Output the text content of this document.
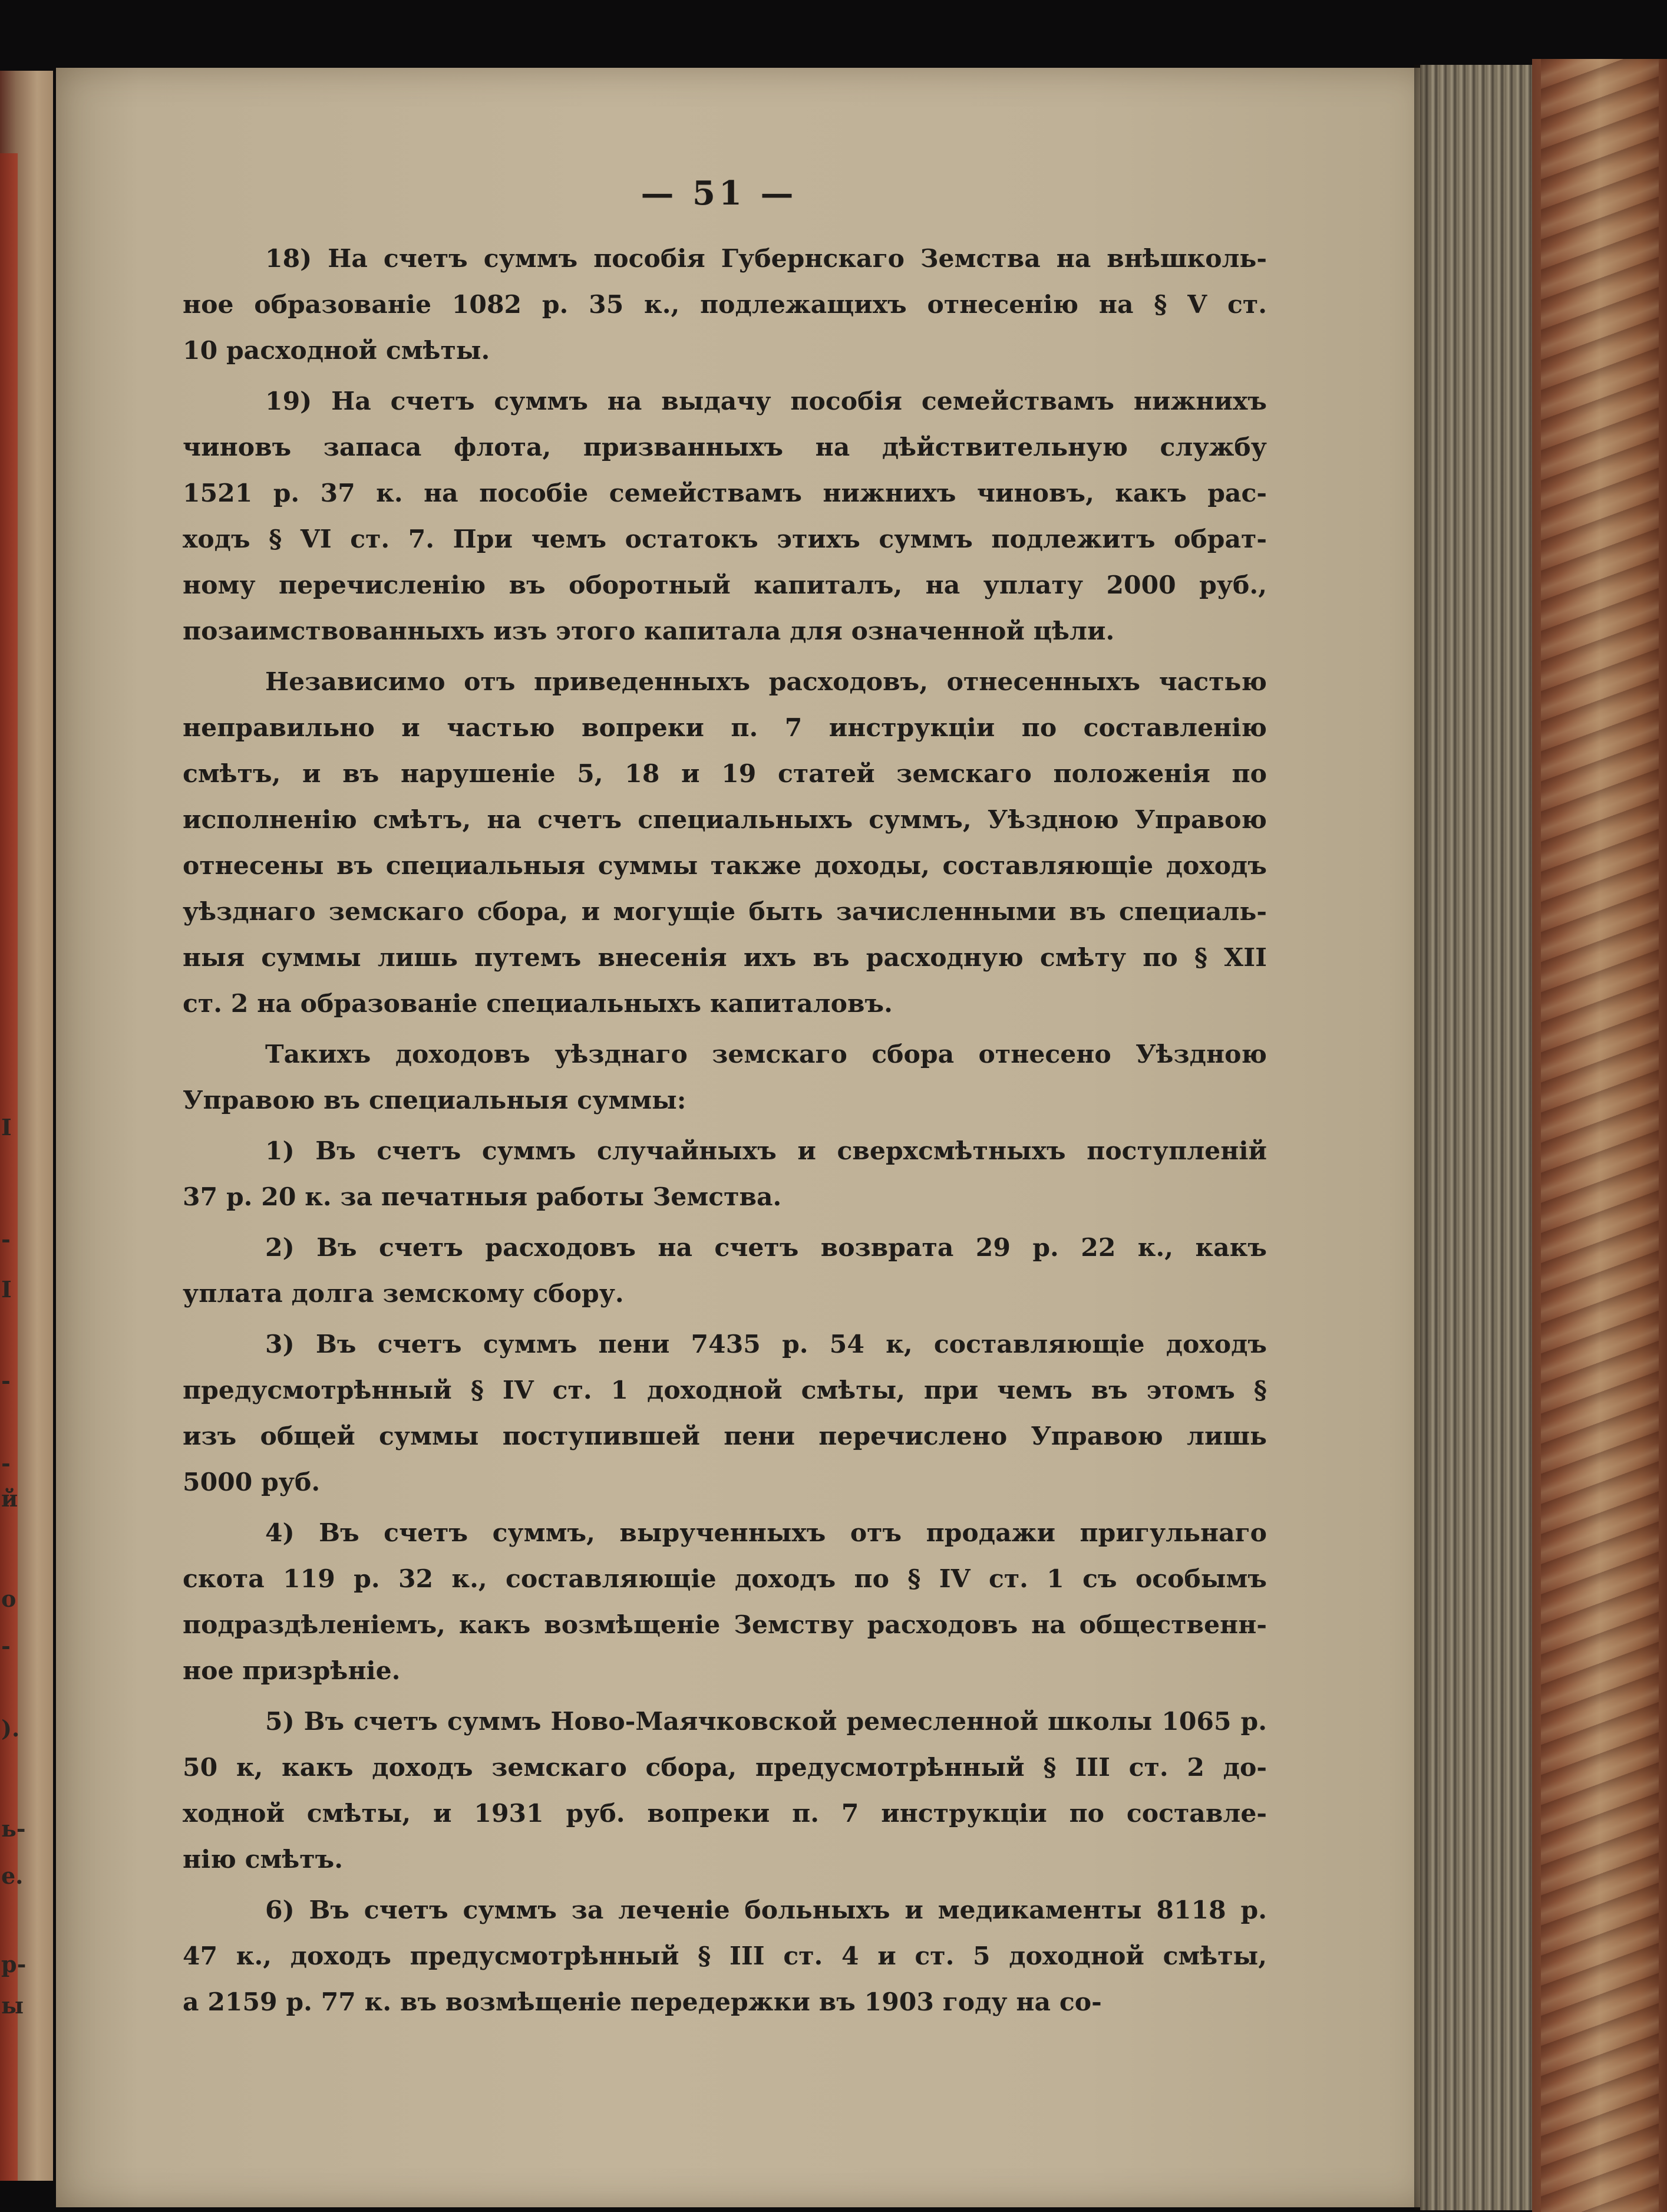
I
-
I
-
-
й
о
-
).
ь-
е.
р-
ы
— 51 —
18) На счетъ суммъ пособія Губернскаго Земства на внѣшколь-
ное образованіе 1082 р. 35 к., подлежащихъ отнесенію на § V ст.
10 расходной смѣты.
19) На счетъ суммъ на выдачу пособія семействамъ нижнихъ
чиновъ запаса флота, призванныхъ на дѣйствительную службу
1521 р. 37 к. на пособіе семействамъ нижнихъ чиновъ, какъ рас-
ходъ § VI ст. 7. При чемъ остатокъ этихъ суммъ подлежитъ обрат-
ному перечисленію въ оборотный капиталъ, на уплату 2000 руб.,
позаимствованныхъ изъ этого капитала для означенной цѣли.
Независимо отъ приведенныхъ расходовъ, отнесенныхъ частью
неправильно и частью вопреки п. 7 инструкціи по составленію
смѣтъ, и въ нарушеніе 5, 18 и 19 статей земскаго положенія по
исполненію смѣтъ, на счетъ специальныхъ суммъ, Уѣздною Управою
отнесены въ специальныя суммы также доходы, составляющіе доходъ
уѣзднаго земскаго сбора, и могущіе быть зачисленными въ специаль-
ныя суммы лишь путемъ внесенія ихъ въ расходную смѣту по § XII
ст. 2 на образованіе специальныхъ капиталовъ.
Такихъ доходовъ уѣзднаго земскаго сбора отнесено Уѣздною
Управою въ специальныя суммы:
1) Въ счетъ суммъ случайныхъ и сверхсмѣтныхъ поступленій
37 р. 20 к. за печатныя работы Земства.
2) Въ счетъ расходовъ на счетъ возврата 29 р. 22 к., какъ
уплата долга земскому сбору.
3) Въ счетъ суммъ пени 7435 р. 54 к, составляющіе доходъ
предусмотрѣнный § IV ст. 1 доходной смѣты, при чемъ въ этомъ §
изъ общей суммы поступившей пени перечислено Управою лишь
5000 руб.
4) Въ счетъ суммъ, вырученныхъ отъ продажи пригульнаго
скота 119 р. 32 к., составляющіе доходъ по § IV ст. 1 съ особымъ
подраздѣленіемъ, какъ возмѣщеніе Земству расходовъ на общественн-
ное призрѣніе.
5) Въ счетъ суммъ Ново-Маячковской ремесленной школы 1065 р.
50 к, какъ доходъ земскаго сбора, предусмотрѣнный § III ст. 2 до-
ходной смѣты, и 1931 руб. вопреки п. 7 инструкціи по составле-
нію смѣтъ.
6) Въ счетъ суммъ за леченіе больныхъ и медикаменты 8118 р.
47 к., доходъ предусмотрѣнный § III ст. 4 и ст. 5 доходной смѣты,
а 2159 р. 77 к. въ возмѣщеніе передержки въ 1903 году на со-
